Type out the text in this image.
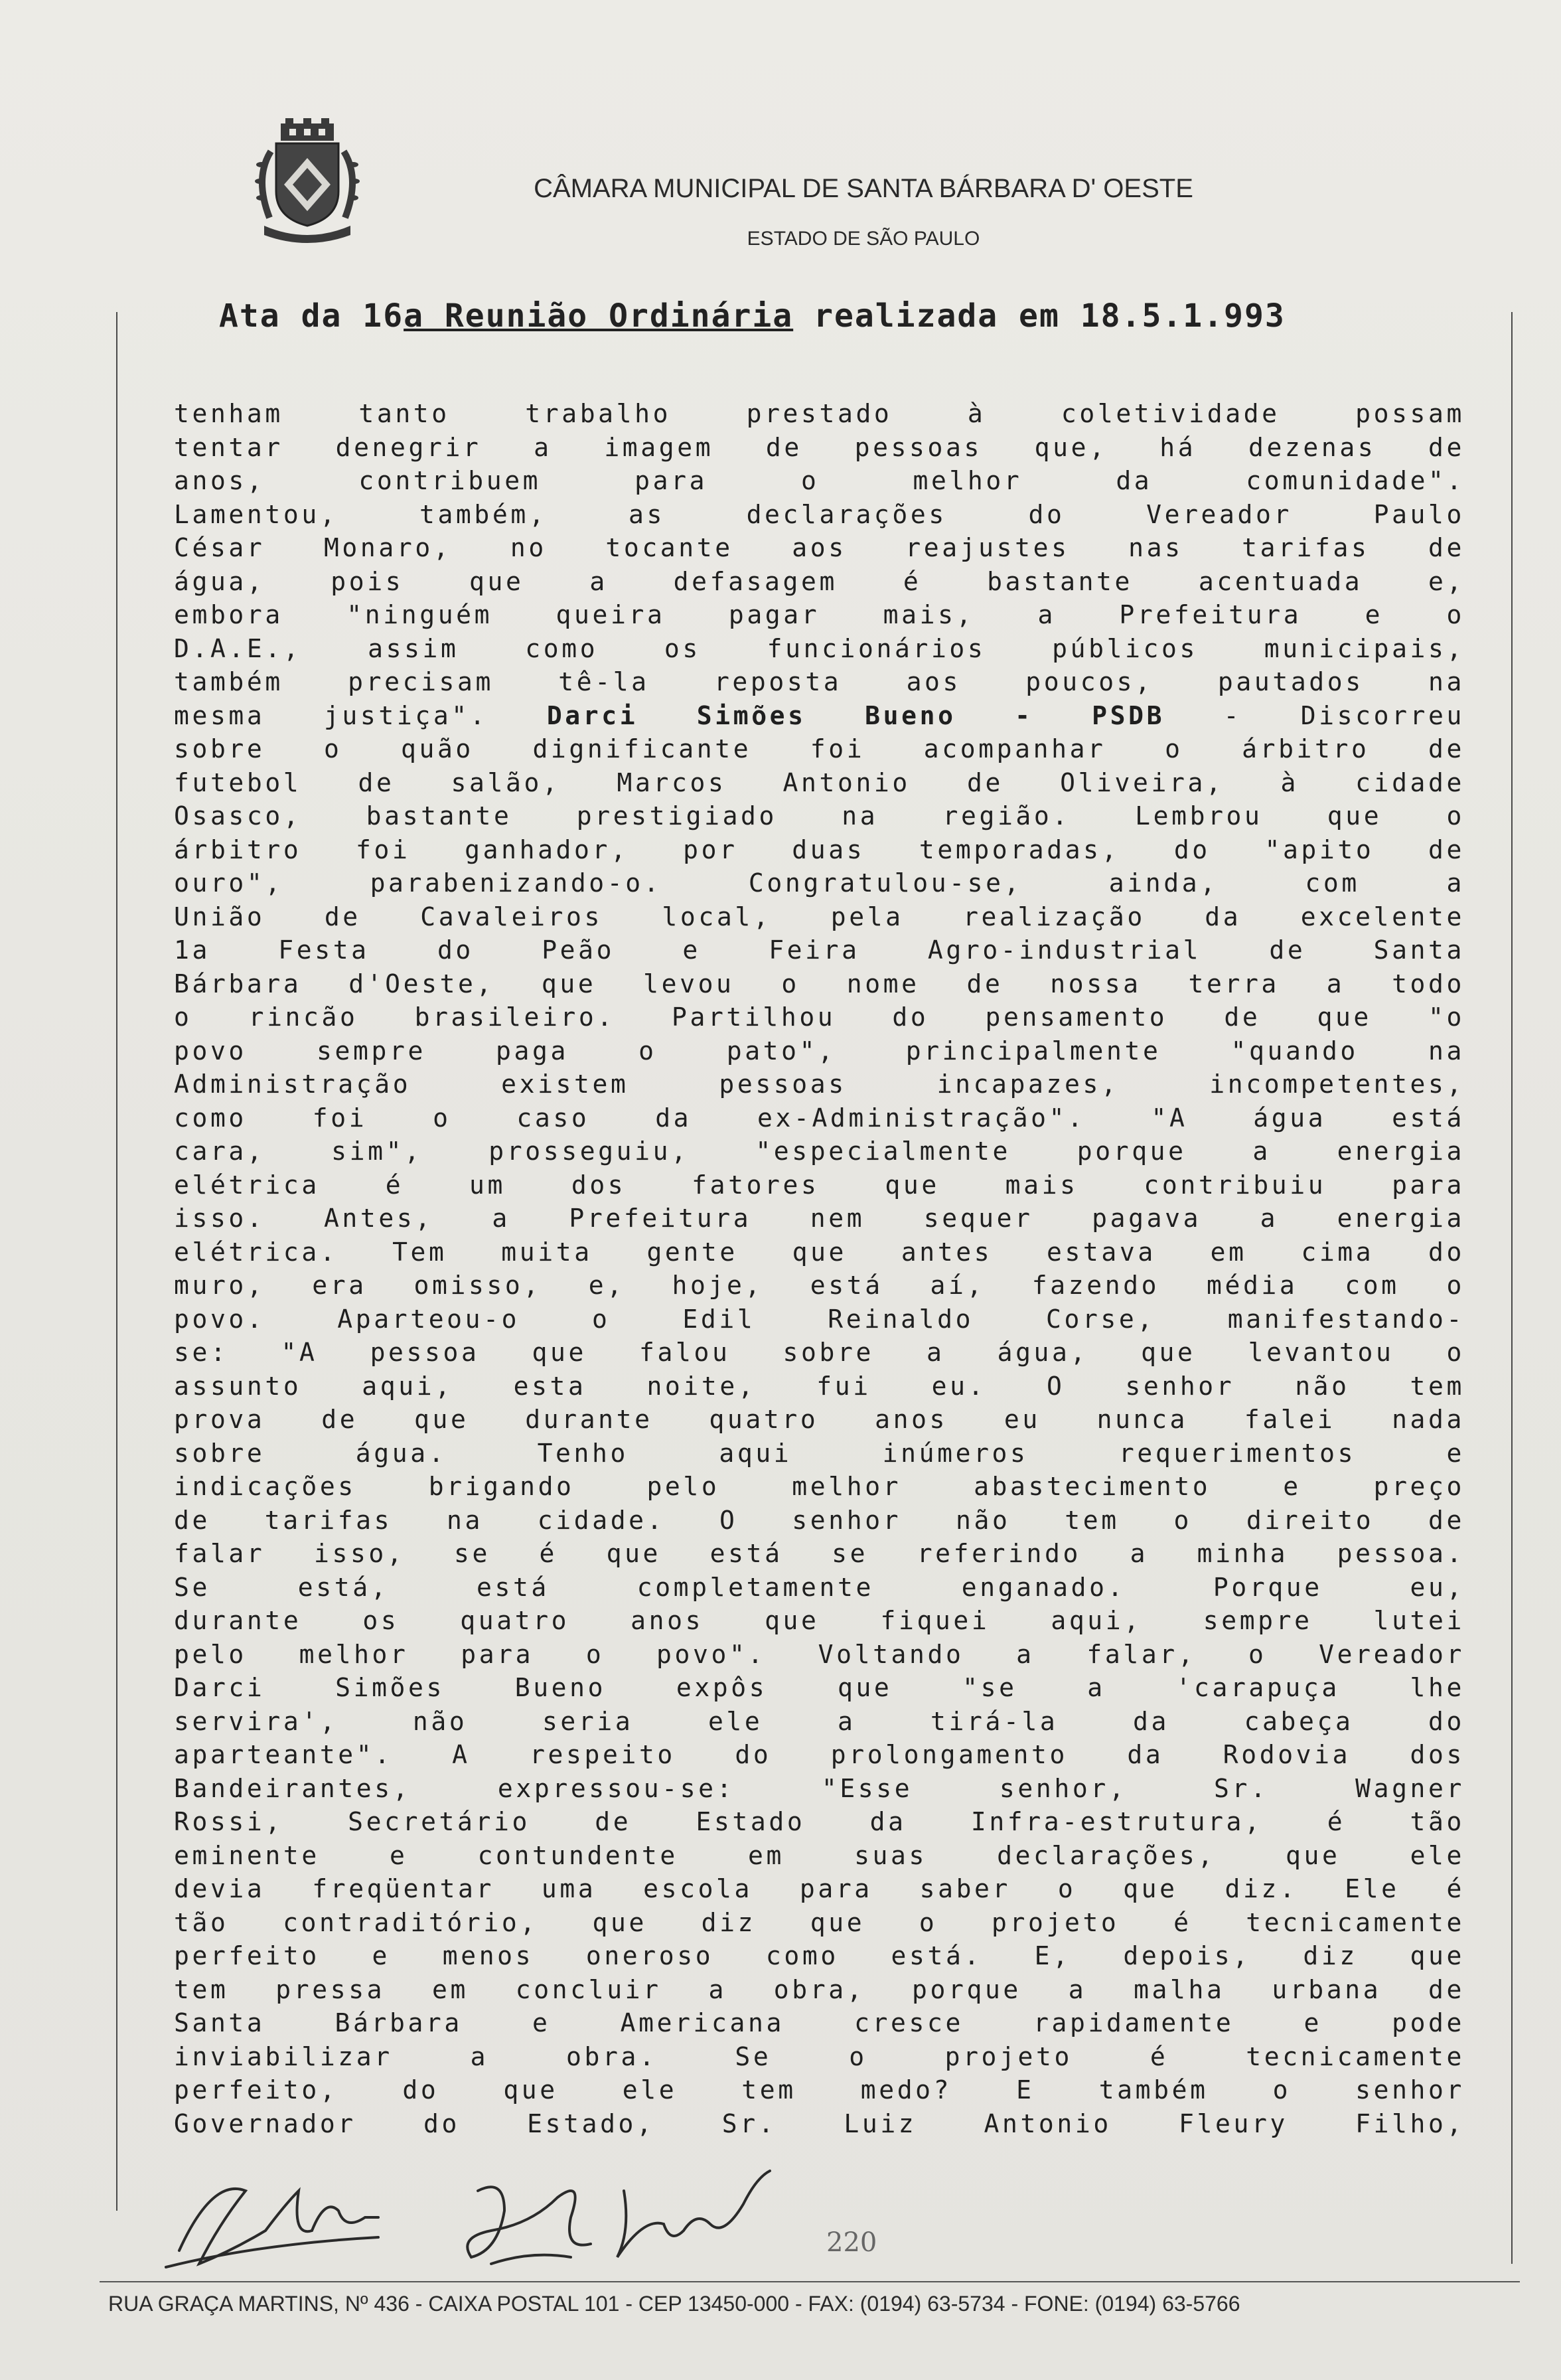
CÂMARA MUNICIPAL DE SANTA BÁRBARA D' OESTE
ESTADO DE SÃO PAULO
Ata da 16a Reunião Ordinária realizada em 18.5.1.993
tenham tanto trabalho prestado à coletividade possam
tentar denegrir a imagem de pessoas que, há dezenas de
anos, contribuem para o melhor da comunidade".
Lamentou, também, as declarações do Vereador Paulo
César Monaro, no tocante aos reajustes nas tarifas de
água, pois que a defasagem é bastante acentuada e,
embora "ninguém queira pagar mais, a Prefeitura e o
D.A.E., assim como os funcionários públicos municipais,
também precisam tê-la reposta aos poucos, pautados na
mesma justiça". Darci Simões Bueno - PSDB - Discorreu
sobre o quão dignificante foi acompanhar o árbitro de
futebol de salão, Marcos Antonio de Oliveira, à cidade
Osasco, bastante prestigiado na região. Lembrou que o
árbitro foi ganhador, por duas temporadas, do "apito de
ouro", parabenizando-o. Congratulou-se, ainda, com a
União de Cavaleiros local, pela realização da excelente
1a Festa do Peão e Feira Agro-industrial de Santa
Bárbara d'Oeste, que levou o nome de nossa terra a todo
o rincão brasileiro. Partilhou do pensamento de que "o
povo sempre paga o pato", principalmente "quando na
Administração existem pessoas incapazes, incompetentes,
como foi o caso da ex-Administração". "A água está
cara, sim", prosseguiu, "especialmente porque a energia
elétrica é um dos fatores que mais contribuiu para
isso. Antes, a Prefeitura nem sequer pagava a energia
elétrica. Tem muita gente que antes estava em cima do
muro, era omisso, e, hoje, está aí, fazendo média com o
povo. Aparteou-o o Edil Reinaldo Corse, manifestando-
se: "A pessoa que falou sobre a água, que levantou o
assunto aqui, esta noite, fui eu. O senhor não tem
prova de que durante quatro anos eu nunca falei nada
sobre água. Tenho aqui inúmeros requerimentos e
indicações brigando pelo melhor abastecimento e preço
de tarifas na cidade. O senhor não tem o direito de
falar isso, se é que está se referindo a minha pessoa.
Se está, está completamente enganado. Porque eu,
durante os quatro anos que fiquei aqui, sempre lutei
pelo melhor para o povo". Voltando a falar, o Vereador
Darci Simões Bueno expôs que "se a 'carapuça lhe
servira', não seria ele a tirá-la da cabeça do
aparteante". A respeito do prolongamento da Rodovia dos
Bandeirantes, expressou-se: "Esse senhor, Sr. Wagner
Rossi, Secretário de Estado da Infra-estrutura, é tão
eminente e contundente em suas declarações, que ele
devia freqüentar uma escola para saber o que diz. Ele é
tão contraditório, que diz que o projeto é tecnicamente
perfeito e menos oneroso como está. E, depois, diz que
tem pressa em concluir a obra, porque a malha urbana de
Santa Bárbara e Americana cresce rapidamente e pode
inviabilizar a obra. Se o projeto é tecnicamente
perfeito, do que ele tem medo? E também o senhor
Governador do Estado, Sr. Luiz Antonio Fleury Filho,
220
RUA GRAÇA MARTINS, Nº 436 - CAIXA POSTAL 101 - CEP 13450-000 - FAX: (0194) 63-5734 - FONE: (0194) 63-5766
